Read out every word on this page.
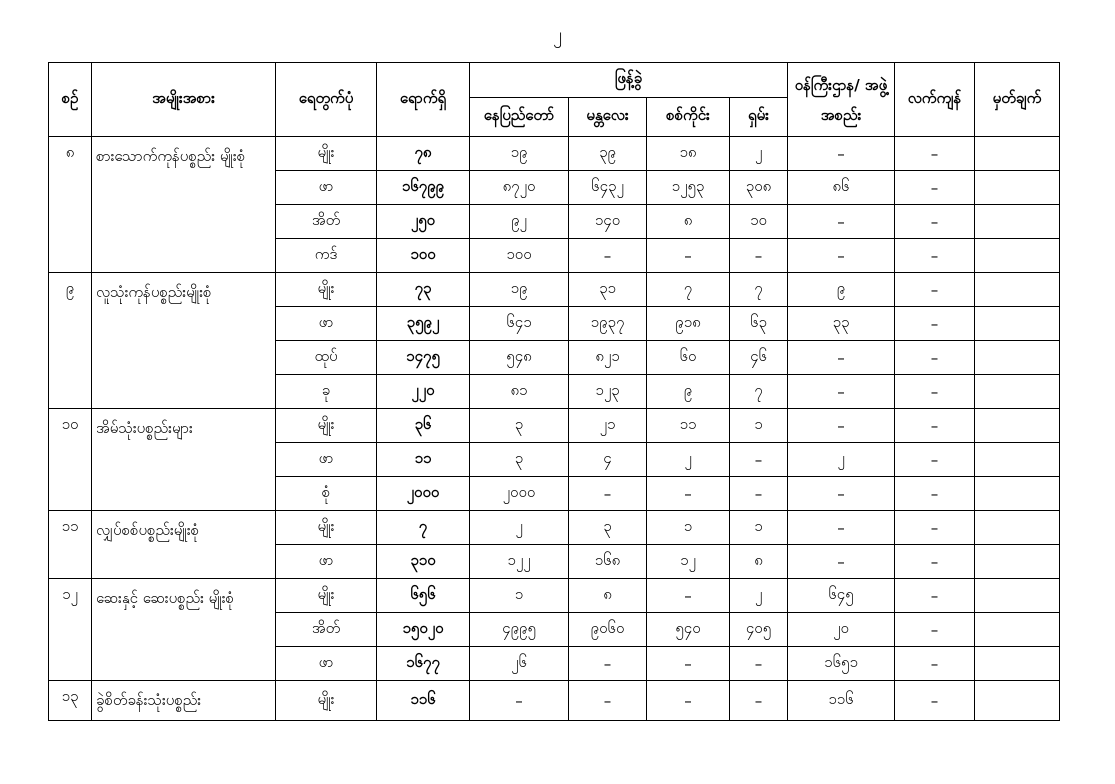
၂
စဉ်	အမျိုးအစား	ရေတွက်ပုံ	ရောက်ရှိ	ဖြန့်ခွဲ				ဝန်ကြီးဌာန/ အဖွဲ့အစည်း	လက်ကျန်	မှတ်ချက်
				နေပြည်တော်	မန္တလေး	စစ်ကိုင်း	ရှမ်း			
၈	စားသောက်ကုန်ပစ္စည်း မျိုးစုံ	မျိုး	၇၈	၁၉	၃၉	၁၈	၂	–	–	
		ဖာ	၁၆၇၉၉	၈၇၂၀	၆၄၃၂	၁၂၅၃	၃၀၈	၈၆	–	
		အိတ်	၂၅၀	၉၂	၁၄၀	၈	၁၀	–	–	
		ကဒ်	၁၀၀	၁၀၀	–	–	–	–	–	
၉	လူသုံးကုန်ပစ္စည်းမျိုးစုံ	မျိုး	၇၃	၁၉	၃၁	၇	၇	၉	–	
		ဖာ	၃၅၉၂	၆၄၁	၁၉၃၇	၉၁၈	၆၃	၃၃	–	
		ထုပ်	၁၄၇၅	၅၄၈	၈၂၁	၆၀	၄၆	–	–	
		ခု	၂၂၀	၈၁	၁၂၃	၉	၇	–	–	
၁၀	အိမ်သုံးပစ္စည်းများ	မျိုး	၃၆	၃	၂၁	၁၁	၁	–	–	
		ဖာ	၁၁	၃	၄	၂	–	၂	–	
		စုံ	၂၀၀၀	၂၀၀၀	–	–	–	–	–	
၁၁	လျှပ်စစ်ပစ္စည်းမျိုးစုံ	မျိုး	၇	၂	၃	၁	၁	–	–	
		ဖာ	၃၁၀	၁၂၂	၁၆၈	၁၂	၈	–	–	
၁၂	ဆေးနှင့် ဆေးပစ္စည်း မျိုးစုံ	မျိုး	၆၅၆	၁	၈	–	၂	၆၄၅	–	
		အိတ်	၁၅၀၂၀	၄၉၉၅	၉၀၆၀	၅၄၀	၄၀၅	၂၀	–	
		ဖာ	၁၆၇၇	၂၆	–	–	–	၁၆၅၁	–	
၁၃	ခွဲစိတ်ခန်းသုံးပစ္စည်း	မျိုး	၁၁၆	–	–	–	–	၁၁၆	–	
